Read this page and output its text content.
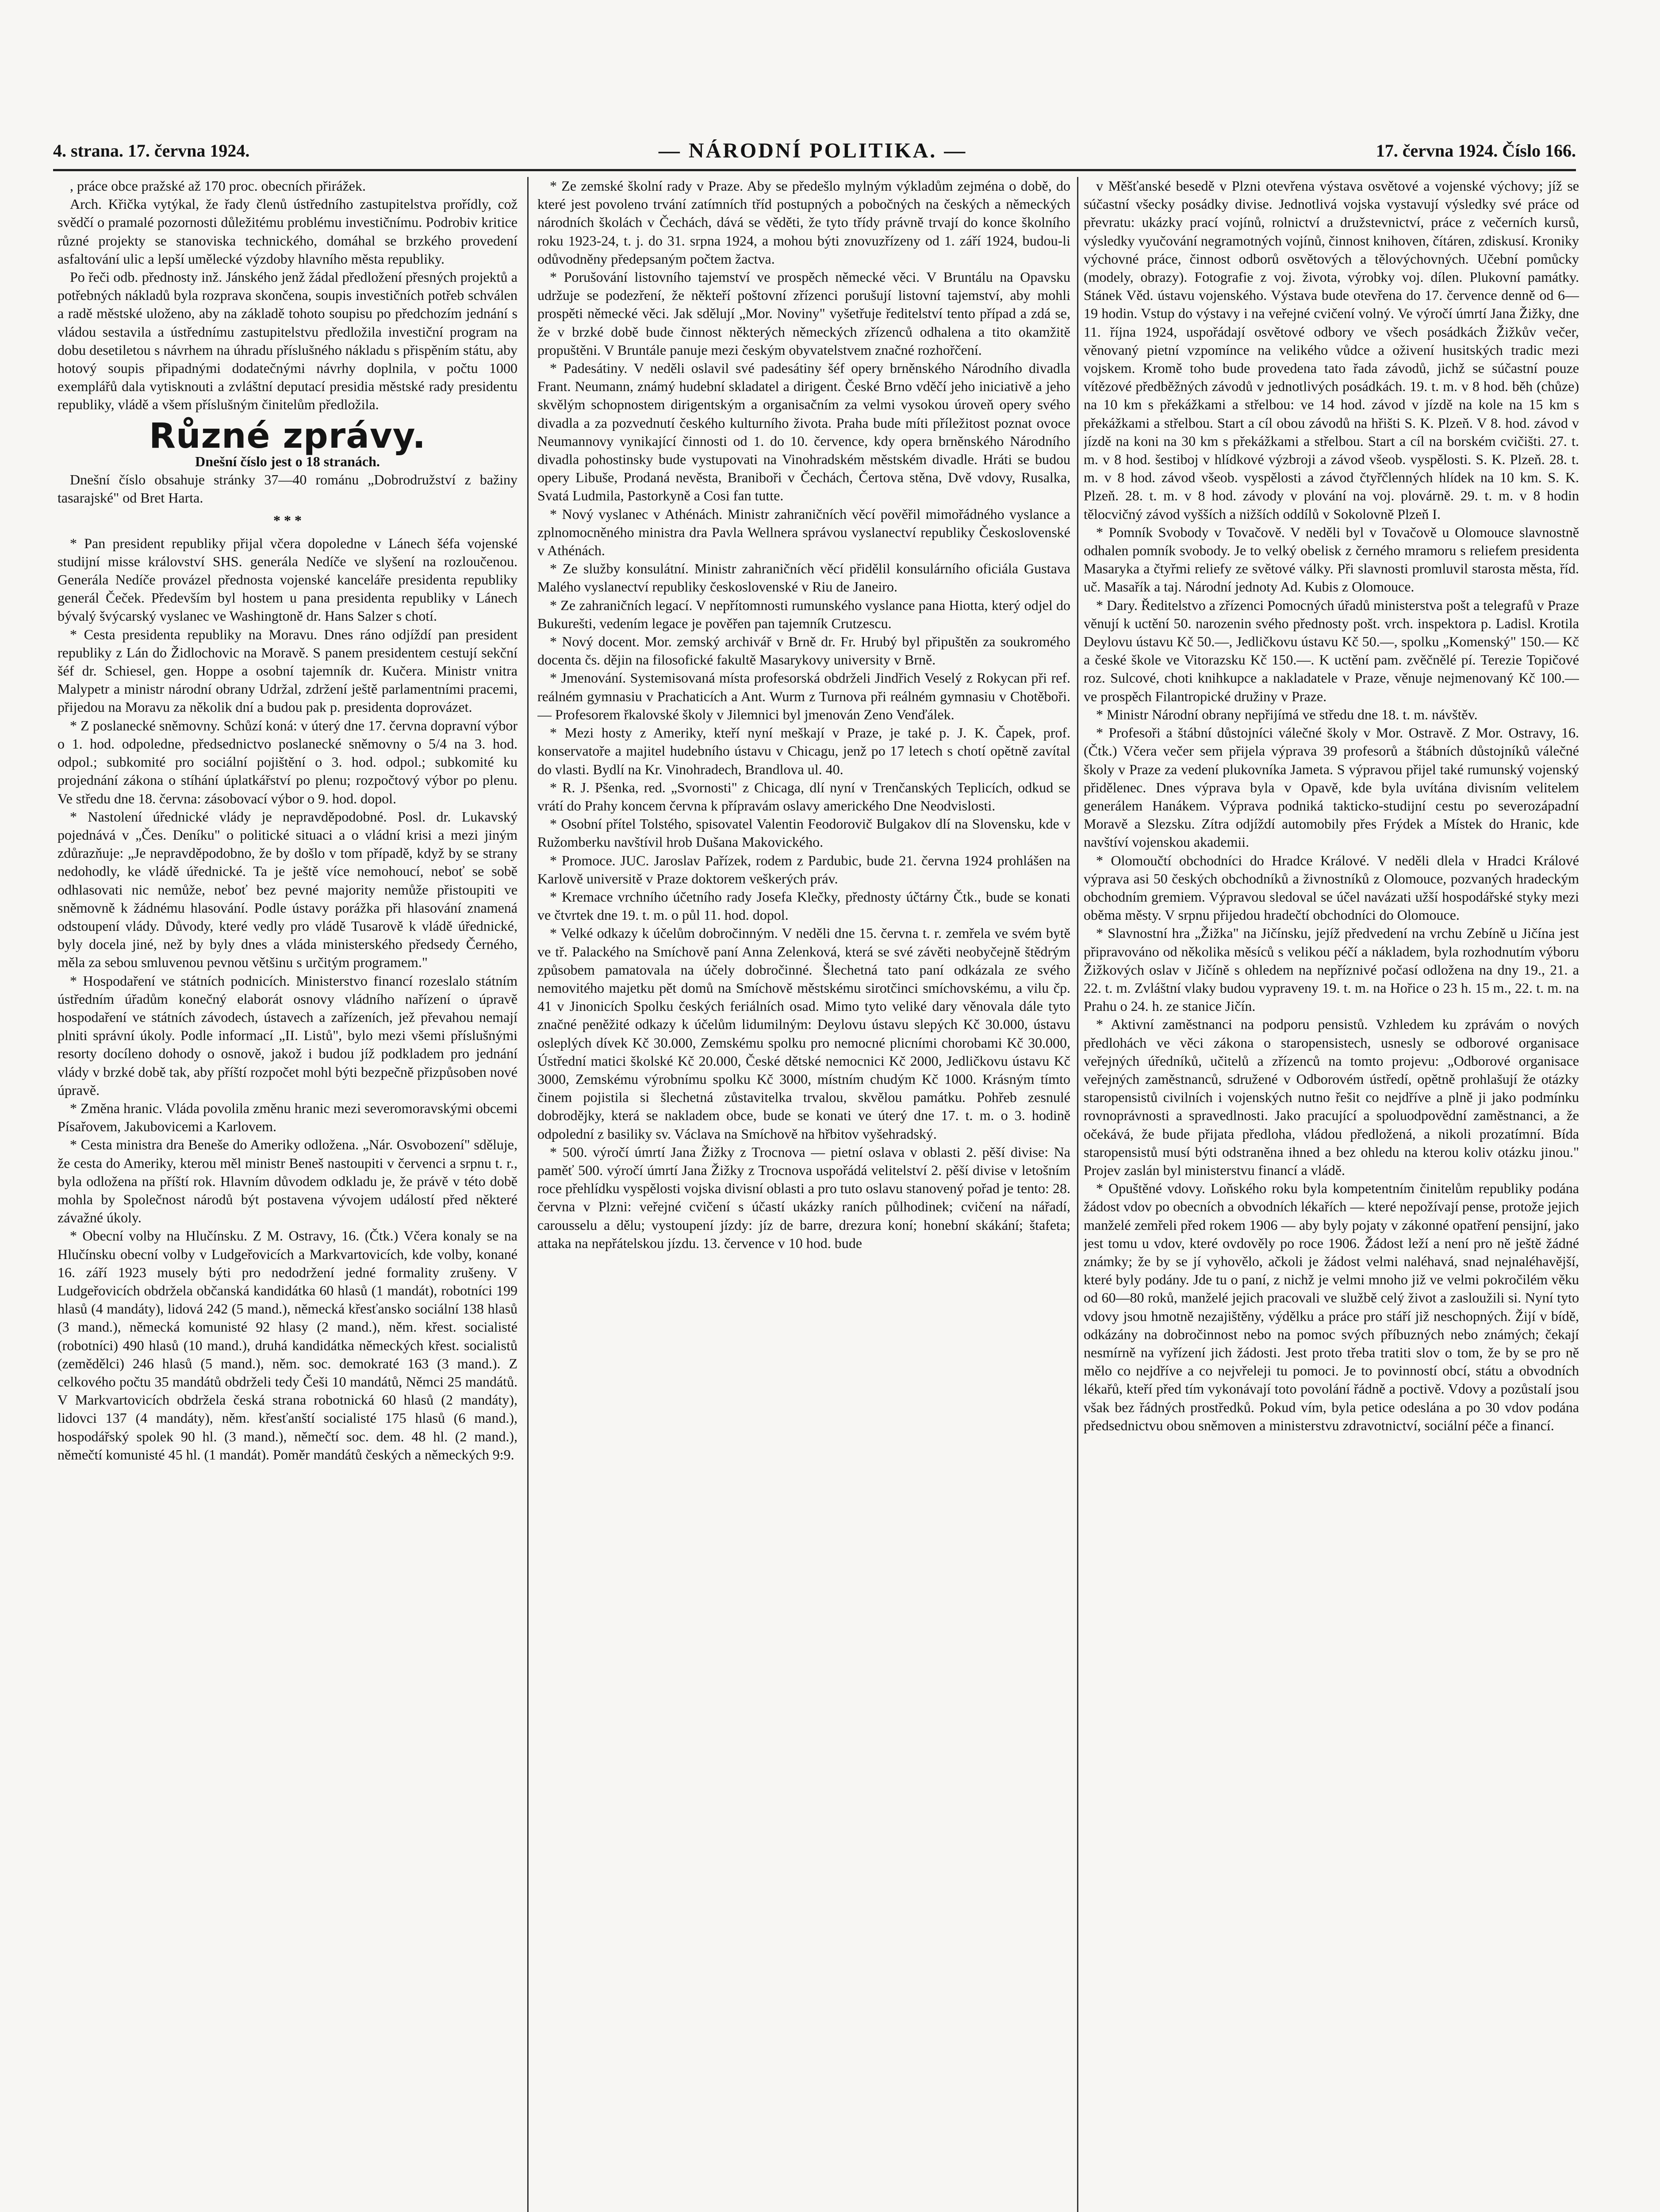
4. strana. 17. června 1924.	— NÁRODNÍ POLITIKA. —	17. června 1924. Číslo 166.

, práce obce pražské až 170 proc. obecních přirážek.

Arch. Křička vytýkal, že řady členů ústředního zastupitelstva prořídly, což svědčí o pramalé pozornosti důležitému problému investičnímu. Podrobiv kritice různé projekty se stanoviska technického, domáhal se brzkého provedení asfaltování ulic a lepší umělecké výzdoby hlavního města republiky.

Po řeči odb. přednosty inž. Jánského jenž žádal předložení přesných projektů a potřebných nákladů byla rozprava skončena, soupis investičních potřeb schválen a radě městské uloženo, aby na základě tohoto soupisu po předchozím jednání s vládou sestavila a ústřednímu zastupitelstvu předložila investiční program na dobu desetiletou s návrhem na úhradu příslušného nákladu s přispěním státu, aby hotový soupis připadnými dodatečnými návrhy doplnila, v počtu 1000 exemplářů dala vytisknouti a zvláštní deputací presidia městské rady presidentu republiky, vládě a všem příslušným činitelům předložila.

Různé zprávy.

Dnešní číslo jest o 18 stranách.

Dnešní číslo obsahuje stránky 37—40 románu „Dobrodružství z bažiny tasarajské" od Bret Harta.

* * *

* Pan president republiky přijal včera dopoledne v Lánech šéfa vojenské studijní misse království SHS. generála Nedíče ve slyšení na rozloučenou. Generála Nedíče provázel přednosta vojenské kanceláře presidenta republiky generál Čeček. Především byl hostem u pana presidenta republiky v Lánech bývalý švýcarský vyslanec ve Washingtoně dr. Hans Salzer s chotí.

* Cesta presidenta republiky na Moravu. Dnes ráno odjíždí pan president republiky z Lán do Židlochovic na Moravě. S panem presidentem cestují sekční šéf dr. Schiesel, gen. Hoppe a osobní tajemník dr. Kučera. Ministr vnitra Malypetr a ministr národní obrany Udržal, zdržení ještě parlamentními pracemi, přijedou na Moravu za několik dní a budou pak p. presidenta doprovázet.

* Z poslanecké sněmovny. Schůzí koná: v úterý dne 17. června dopravní výbor o 1. hod. odpoledne, předsednictvo poslanecké sněmovny o 5/4 na 3. hod. odpol.; subkomité pro sociální pojištění o 3. hod. odpol.; subkomité ku projednání zákona o stíhání úplatkářství po plenu; rozpočtový výbor po plenu. Ve středu dne 18. června: zásobovací výbor o 9. hod. dopol.

* Nastolení úřednické vlády je nepravděpodobné. Posl. dr. Lukavský pojednává v „Čes. Deníku" o politické situaci a o vládní krisi a mezi jiným zdůrazňuje: „Je nepravděpodobno, že by došlo v tom případě, když by se strany nedohodly, ke vládě úřednické. Ta je ještě více nemohoucí, neboť se sobě odhlasovati nic nemůže, neboť bez pevné majority nemůže přistoupiti ve sněmovně k žádnému hlasování. Podle ústavy porážka při hlasování znamená odstoupení vlády. Důvody, které vedly pro vládě Tusarově k vládě úřednické, byly docela jiné, než by byly dnes a vláda ministerského předsedy Černého, měla za sebou smluvenou pevnou většinu s určitým programem."

* Hospodaření ve státních podnicích. Ministerstvo financí rozeslalo státním ústředním úřadům konečný elaborát osnovy vládního nařízení o úpravě hospodaření ve státních závodech, ústavech a zařízeních, jež převahou nemají plniti správní úkoly. Podle informací „II. Listů", bylo mezi všemi příslušnými resorty docíleno dohody o osnově, jakož i budou jíž podkladem pro jednání vlády v brzké době tak, aby příští rozpočet mohl býti bezpečně přizpůsoben nové úpravě.

* Změna hranic. Vláda povolila změnu hranic mezi severomoravskými obcemi Písařovem, Jakubovicemi a Karlovem.

* Cesta ministra dra Beneše do Ameriky odložena. „Nár. Osvobození" sděluje, že cesta do Ameriky, kterou měl ministr Beneš nastoupiti v červenci a srpnu t. r., byla odložena na příští rok. Hlavním důvodem odkladu je, že právě v této době mohla by Společnost národů být postavena vývojem událostí před některé závažné úkoly.

* Obecní volby na Hlučínsku. Z M. Ostravy, 16. (Čtk.) Včera konaly se na Hlučínsku obecní volby v Ludgeřovicích a Markvartovicích, kde volby, konané 16. září 1923 musely býti pro nedodržení jedné formality zrušeny. V Ludgeřovicích obdržela občanská kandidátka 60 hlasů (1 mandát), robotníci 199 hlasů (4 mandáty), lidová 242 (5 mand.), německá křesťansko sociální 138 hlasů (3 mand.), německá komunisté 92 hlasy (2 mand.), něm. křest. socialisté (robotníci) 490 hlasů (10 mand.), druhá kandidátka německých křest. socialistů (zemědělci) 246 hlasů (5 mand.), něm. soc. demokraté 163 (3 mand.). Z celkového počtu 35 mandátů obdrželi tedy Češi 10 mandátů, Němci 25 mandátů. V Markvartovicích obdržela česká strana robotnická 60 hlasů (2 mandáty), lidovci 137 (4 mandáty), něm. křesťanští socialisté 175 hlasů (6 mand.), hospodářský spolek 90 hl. (3 mand.), němečtí soc. dem. 48 hl. (2 mand.), němečtí komunisté 45 hl. (1 mandát). Poměr mandátů českých a německých 9:9.

* Ze zemské školní rady v Praze. Aby se předešlo mylným výkladům zejména o době, do které jest povoleno trvání zatímních tříd postupných a pobočných na českých a německých národních školách v Čechách, dává se věděti, že tyto třídy právně trvají do konce školního roku 1923-24, t. j. do 31. srpna 1924, a mohou býti znovuzřízeny od 1. září 1924, budou-li odůvodněny předepsaným počtem žactva.

* Porušování listovního tajemství ve prospěch německé věci. V Bruntálu na Opavsku udržuje se podezření, že někteří poštovní zřízenci porušují listovní tajemství, aby mohli prospěti německé věci. Jak sdělují „Mor. Noviny" vyšetřuje ředitelství tento případ a zdá se, že v brzké době bude činnost některých německých zřízenců odhalena a tito okamžitě propuštěni. V Bruntále panuje mezi českým obyvatelstvem značné rozhořčení.

* Padesátiny. V neděli oslavil své padesátiny šéf opery brněnského Národního divadla Frant. Neumann, známý hudební skladatel a dirigent. České Brno vděčí jeho iniciativě a jeho skvělým schopnostem dirigentským a organisačním za velmi vysokou úroveň opery svého divadla a za pozvednutí českého kulturního života. Praha bude míti příležitost poznat ovoce Neumannovy vynikající činnosti od 1. do 10. července, kdy opera brněnského Národního divadla pohostinsky bude vystupovati na Vinohradském městském divadle. Hráti se budou opery Libuše, Prodaná nevěsta, Braniboři v Čechách, Čertova stěna, Dvě vdovy, Rusalka, Svatá Ludmila, Pastorkyně a Cosi fan tutte.

* Nový vyslanec v Athénách. Ministr zahraničních věcí pověřil mimořádného vyslance a zplnomocněného ministra dra Pavla Wellnera správou vyslanectví republiky Československé v Athénách.

* Ze služby konsulátní. Ministr zahraničních věcí přidělil konsulárního oficiála Gustava Malého vyslanectví republiky československé v Riu de Janeiro.

* Ze zahraničních legací. V nepřítomnosti rumunského vyslance pana Hiotta, který odjel do Bukurešti, vedením legace je pověřen pan tajemník Crutzescu.

* Nový docent. Mor. zemský archivář v Brně dr. Fr. Hrubý byl připuštěn za soukromého docenta čs. dějin na filosofické fakultě Masarykovy university v Brně.

* Jmenování. Systemisovaná místa profesorská obdrželi Jindřich Veselý z Rokycan při ref. reálném gymnasiu v Prachaticích a Ant. Wurm z Turnova při reálném gymnasiu v Chotěboři. — Profesorem řkalovské školy v Jilemnici byl jmenován Zeno Venďálek.

* Mezi hosty z Ameriky, kteří nyní meškají v Praze, je také p. J. K. Čapek, prof. konservatoře a majitel hudebního ústavu v Chicagu, jenž po 17 letech s chotí opětně zavítal do vlasti. Bydlí na Kr. Vinohradech, Brandlova ul. 40.

* R. J. Pšenka, red. „Svornosti" z Chicaga, dlí nyní v Trenčanských Teplicích, odkud se vrátí do Prahy koncem června k přípravám oslavy amerického Dne Neodvislosti.

* Osobní přítel Tolstého, spisovatel Valentin Feodorovič Bulgakov dlí na Slovensku, kde v Ružomberku navštívil hrob Dušana Makovického.

* Promoce. JUC. Jaroslav Pařízek, rodem z Pardubic, bude 21. června 1924 prohlášen na Karlově universitě v Praze doktorem veškerých práv.

* Kremace vrchního účetního rady Josefa Klečky, přednosty účtárny Čtk., bude se konati ve čtvrtek dne 19. t. m. o půl 11. hod. dopol.

* Velké odkazy k účelům dobročinným. V neděli dne 15. června t. r. zemřela ve svém bytě ve tř. Palackého na Smíchově paní Anna Zelenková, která se své závěti neobyčejně štědrým způsobem pamatovala na účely dobročinné. Šlechetná tato paní odkázala ze svého nemovitého majetku pět domů na Smíchově městskému sirotčinci smíchovskému, a vilu čp. 41 v Jinonicích Spolku českých feriálních osad. Mimo tyto veliké dary věnovala dále tyto značné peněžité odkazy k účelům lidumilným: Deylovu ústavu slepých Kč 30.000, ústavu osleplých dívek Kč 30.000, Zemskému spolku pro nemocné plicními chorobami Kč 30.000, Ústřední matici školské Kč 20.000, České dětské nemocnici Kč 2000, Jedličkovu ústavu Kč 3000, Zemskému výrobnímu spolku Kč 3000, místním chudým Kč 1000. Krásným tímto činem pojistila si šlechetná zůstavitelka trvalou, skvělou památku. Pohřeb zesnulé dobrodějky, která se nakladem obce, bude se konati ve úterý dne 17. t. m. o 3. hodině odpolední z basiliky sv. Václava na Smíchově na hřbitov vyšehradský.

* 500. výročí úmrtí Jana Žižky z Trocnova — pietní oslava v oblasti 2. pěší divise: Na paměť 500. výročí úmrtí Jana Žižky z Trocnova uspořádá velitelství 2. pěší divise v letošním roce přehlídku vyspělosti vojska divisní oblasti a pro tuto oslavu stanovený pořad je tento: 28. června v Plzni: veřejné cvičení s účastí ukázky raních půlhodinek; cvičení na nářadí, carousselu a dělu; vystoupení jízdy: jíz de barre, drezura koní; honební skákání; štafeta; attaka na nepřátelskou jízdu. 13. července v 10 hod. bude

v Měšťanské besedě v Plzni otevřena výstava osvětové a vojenské výchovy; jíž se súčastní všecky posádky divise. Jednotlivá vojska vystavují výsledky své práce od převratu: ukázky prací vojínů, rolnictví a družstevnictví, práce z večerních kursů, výsledky vyučování negramotných vojínů, činnost knihoven, čítáren, zdiskusí. Kroniky výchovné práce, činnost odborů osvětových a tělovýchovných. Učební pomůcky (modely, obrazy). Fotografie z voj. života, výrobky voj. dílen. Plukovní památky. Stánek Věd. ústavu vojenského. Výstava bude otevřena do 17. července denně od 6—19 hodin. Vstup do výstavy i na veřejné cvičení volný. Ve výročí úmrtí Jana Žižky, dne 11. října 1924, uspořádají osvětové odbory ve všech posádkách Žižkův večer, věnovaný pietní vzpomínce na velikého vůdce a oživení husitských tradic mezi vojskem. Kromě toho bude provedena tato řada závodů, jichž se súčastní pouze vítězové předběžných závodů v jednotlivých posádkách. 19. t. m. v 8 hod. běh (chůze) na 10 km s překážkami a střelbou: ve 14 hod. závod v jízdě na kole na 15 km s překážkami a střelbou. Start a cíl obou závodů na hřišti S. K. Plzeň. V 8. hod. závod v jízdě na koni na 30 km s překážkami a střelbou. Start a cíl na borském cvičišti. 27. t. m. v 8 hod. šestiboj v hlídkové výzbroji a závod všeob. vyspělosti. S. K. Plzeň. 28. t. m. v 8 hod. závod všeob. vyspělosti a závod čtyřčlenných hlídek na 10 km. S. K. Plzeň. 28. t. m. v 8 hod. závody v plování na voj. plovárně. 29. t. m. v 8 hodin tělocvičný závod vyšších a nižších oddílů v Sokolovně Plzeň I.

* Pomník Svobody v Tovačově. V neděli byl v Tovačově u Olomouce slavnostně odhalen pomník svobody. Je to velký obelisk z černého mramoru s reliefem presidenta Masaryka a čtyřmi reliefy ze světové války. Při slavnosti promluvil starosta města, říd. uč. Masařík a taj. Národní jednoty Ad. Kubis z Olomouce.

* Dary. Ředitelstvo a zřízenci Pomocných úřadů ministerstva pošt a telegrafů v Praze věnují k uctění 50. narozenin svého přednosty pošt. vrch. inspektora p. Ladisl. Krotila Deylovu ústavu Kč 50.—, Jedličkovu ústavu Kč 50.—, spolku „Komenský" 150.— Kč a české škole ve Vitorazsku Kč 150.—. K uctění pam. zvěčnělé pí. Terezie Topičové roz. Sulcové, choti knihkupce a nakladatele v Praze, věnuje nejmenovaný Kč 100.— ve prospěch Filantropické družiny v Praze.

* Ministr Národní obrany nepřijímá ve středu dne 18. t. m. návštěv.

* Profesoři a štábní důstojníci válečné školy v Mor. Ostravě. Z Mor. Ostravy, 16. (Čtk.) Včera večer sem přijela výprava 39 profesorů a štábních důstojníků válečné školy v Praze za vedení plukovníka Jameta. S výpravou přijel také rumunský vojenský přidělenec. Dnes výprava byla v Opavě, kde byla uvítána divisním velitelem generálem Hanákem. Výprava podniká takticko-studijní cestu po severozápadní Moravě a Slezsku. Zítra odjíždí automobily přes Frýdek a Místek do Hranic, kde navštíví vojenskou akademii.

* Olomoučtí obchodníci do Hradce Králové. V neděli dlela v Hradci Králové výprava asi 50 českých obchodníků a živnostníků z Olomouce, pozvaných hradeckým obchodním gremiem. Výpravou sledoval se účel navázati užší hospodářské styky mezi oběma městy. V srpnu přijedou hradečtí obchodníci do Olomouce.

* Slavnostní hra „Žižka" na Jičínsku, jejíž předvedení na vrchu Zebíně u Jičína jest připravováno od několika měsíců s velikou péčí a nákladem, byla rozhodnutím výboru Žižkových oslav v Jičíně s ohledem na nepříznivé počasí odložena na dny 19., 21. a 22. t. m. Zvláštní vlaky budou vypraveny 19. t. m. na Hořice o 23 h. 15 m., 22. t. m. na Prahu o 24. h. ze stanice Jičín.

* Aktivní zaměstnanci na podporu pensistů. Vzhledem ku zprávám o nových předlohách ve věci zákona o staropensistech, usnesly se odborové organisace veřejných úředníků, učitelů a zřízenců na tomto projevu: „Odborové organisace veřejných zaměstnanců, sdružené v Odborovém ústředí, opětně prohlašují že otázky staropensistů civilních i vojenských nutno řešit co nejdříve a plně ji jako podmínku rovnoprávnosti a spravedlnosti. Jako pracující a spoluodpovědní zaměstnanci, a že očekává, že bude přijata předloha, vládou předložená, a nikoli prozatímní. Bída staropensistů musí býti odstraněna ihned a bez ohledu na kterou koliv otázku jinou." Projev zaslán byl ministerstvu financí a vládě.

* Opuštěné vdovy. Loňského roku byla kompetentním činitelům republiky podána žádost vdov po obecních a obvodních lékařích — které nepožívají pense, protože jejich manželé zemřeli před rokem 1906 — aby byly pojaty v zákonné opatření pensijní, jako jest tomu u vdov, které ovdověly po roce 1906. Žádost leží a není pro ně ještě žádné známky; že by se jí vyhovělo, ačkoli je žádost velmi naléhavá, snad nejnaléhavější, které byly podány. Jde tu o paní, z nichž je velmi mnoho již ve velmi pokročilém věku od 60—80 roků, manželé jejich pracovali ve službě celý život a zasloužili si. Nyní tyto vdovy jsou hmotně nezajištěny, výdělku a práce pro stáří již neschopných. Žijí v bídě, odkázány na dobročinnost nebo na pomoc svých příbuzných nebo známých; čekají nesmírně na vyřízení jich žádosti. Jest proto třeba tratiti slov o tom, že by se pro ně mělo co nejdříve a co nejvřeleji tu pomoci. Je to povinností obcí, státu a obvodních lékařů, kteří před tím vykonávají toto povolání řádně a poctivě. Vdovy a pozůstalí jsou však bez řádných prostředků. Pokud vím, byla petice odeslána a po 30 vdov podána předsednictvu obou sněmoven a ministerstvu zdravotnictví, sociální péče a financí.
